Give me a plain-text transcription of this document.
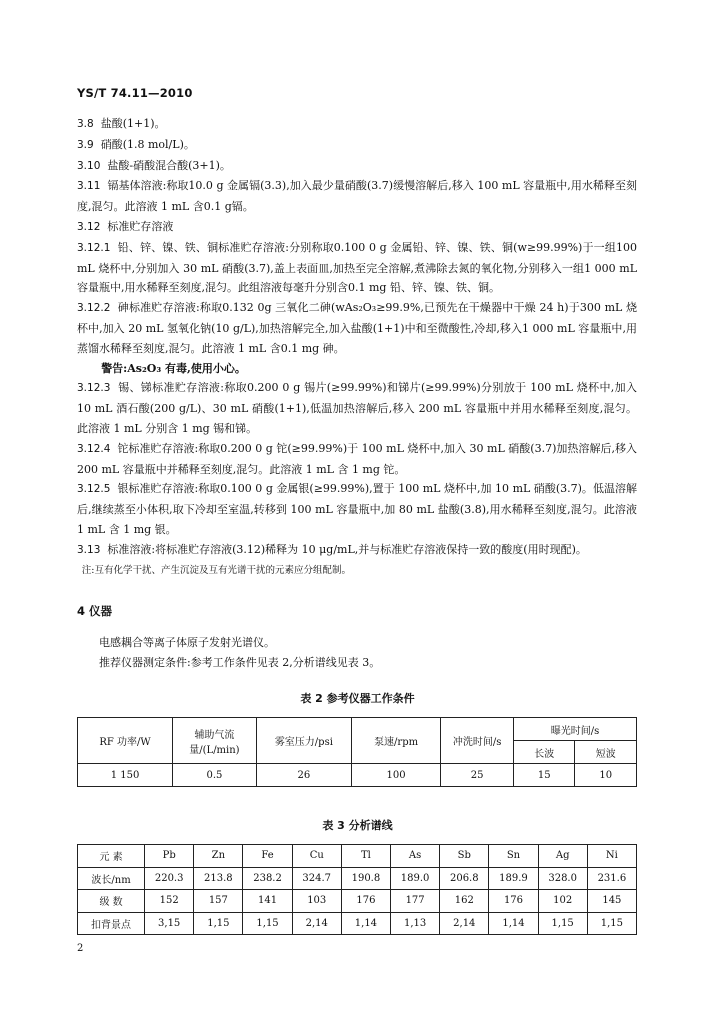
YS/T 74.11—2010

3.8 盐酸(1+1)。

3.9 硝酸(1.8 mol/L)。

3.10 盐酸-硝酸混合酸(3+1)。

3.11 镉基体溶液:称取10.0 g 金属镉(3.3),加入最少量硝酸(3.7)缓慢溶解后,移入 100 mL 容量瓶中,用水稀释至刻度,混匀。此溶液 1 mL 含0.1 g镉。

3.12 标准贮存溶液

3.12.1 铅、锌、镍、铁、铜标准贮存溶液:分别称取0.100 0 g 金属铅、锌、镍、铁、铜(w≥99.99%)于一组100 mL 烧杯中,分别加入 30 mL 硝酸(3.7),盖上表面皿,加热至完全溶解,煮沸除去氮的氧化物,分别移入一组1 000 mL 容量瓶中,用水稀释至刻度,混匀。此组溶液每毫升分别含0.1 mg 铅、锌、镍、铁、铜。

3.12.2 砷标准贮存溶液:称取0.132 0g 三氧化二砷(wAs₂O₃≥99.9%,已预先在干燥器中干燥 24 h)于300 mL 烧杯中,加入 20 mL 氢氧化钠(10 g/L),加热溶解完全,加入盐酸(1+1)中和至微酸性,冷却,移入1 000 mL 容量瓶中,用蒸馏水稀释至刻度,混匀。此溶液 1 mL 含0.1 mg 砷。

警告:As₂O₃ 有毒,使用小心。

3.12.3 锡、锑标准贮存溶液:称取0.200 0 g 锡片(≥99.99%)和锑片(≥99.99%)分别放于 100 mL 烧杯中,加入 10 mL 酒石酸(200 g/L)、30 mL 硝酸(1+1),低温加热溶解后,移入 200 mL 容量瓶中并用水稀释至刻度,混匀。此溶液 1 mL 分别含 1 mg 锡和锑。

3.12.4 铊标准贮存溶液:称取0.200 0 g 铊(≥99.99%)于 100 mL 烧杯中,加入 30 mL 硝酸(3.7)加热溶解后,移入 200 mL 容量瓶中并稀释至刻度,混匀。此溶液 1 mL 含 1 mg 铊。

3.12.5 银标准贮存溶液:称取0.100 0 g 金属银(≥99.99%),置于 100 mL 烧杯中,加 10 mL 硝酸(3.7)。低温溶解后,继续蒸至小体积,取下冷却至室温,转移到 100 mL 容量瓶中,加 80 mL 盐酸(3.8),用水稀释至刻度,混匀。此溶液 1 mL 含 1 mg 银。

3.13 标准溶液:将标准贮存溶液(3.12)稀释为 10 μg/mL,并与标准贮存溶液保持一致的酸度(用时现配)。

注:互有化学干扰、产生沉淀及互有光谱干扰的元素应分组配制。

4 仪器

电感耦合等离子体原子发射光谱仪。

推荐仪器测定条件:参考工作条件见表 2,分析谱线见表 3。

表 2 参考仪器工作条件

RF 功率/W	辅助气流量/(L/min)	雾室压力/psi	泵速/rpm	冲洗时间/s	曝光时间/s	
					长波	短波
1 150	0.5	26	100	25	15	10

表 3 分析谱线

元 素	Pb	Zn	Fe	Cu	Tl	As	Sb	Sn	Ag	Ni
波长/nm	220.3	213.8	238.2	324.7	190.8	189.0	206.8	189.9	328.0	231.6
级 数	152	157	141	103	176	177	162	176	102	145
扣背景点	3,15	1,15	1,15	2,14	1,14	1,13	2,14	1,14	1,15	1,15
2
